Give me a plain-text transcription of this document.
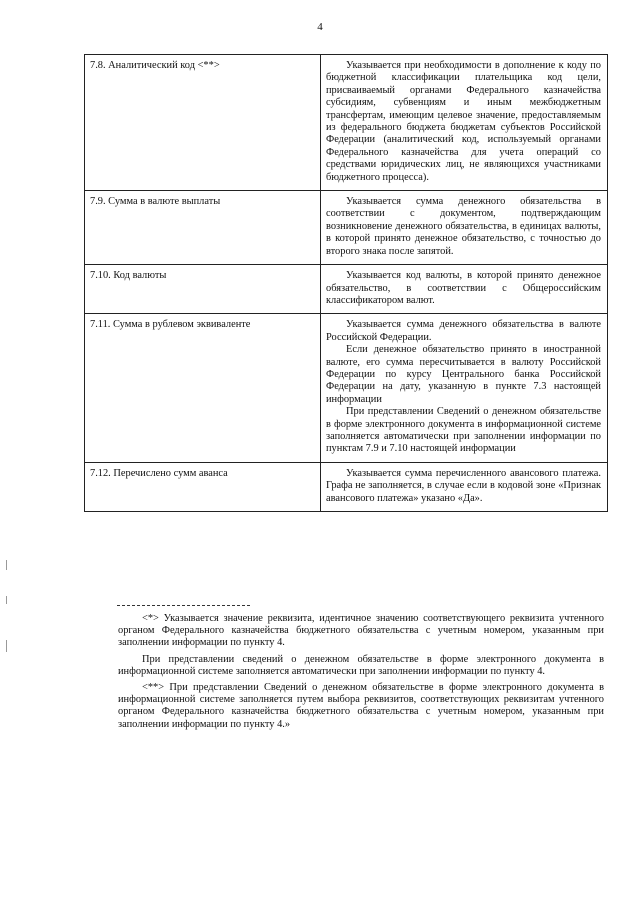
4
7.8. Аналитический код <**>	Указывается при необходимости в дополнение к коду по бюджетной классификации плательщика код цели, присваиваемый органами Федерального казначейства субсидиям, субвенциям и иным межбюджетным трансфертам, имеющим целевое значение, предоставляемым из федерального бюджета бюджетам субъектов Российской Федерации (аналитический код, используемый органами Федерального казначейства для учета операций со средствами юридических лиц, не являющихся участниками бюджетного процесса).

7.9. Сумма в валюте выплаты	Указывается сумма денежного обязательства в соответствии с документом, подтверждающим возникновение денежного обязательства, в единицах валюты, в которой принято денежное обязательство, с точностью до второго знака после запятой.

7.10. Код валюты	Указывается код валюты, в которой принято денежное обязательство, в соответствии с Общероссийским классификатором валют.

7.11. Сумма в рублевом эквиваленте	Указывается сумма денежного обязательства в валюте Российской Федерации.

Если денежное обязательство принято в иностранной валюте, его сумма пересчитывается в валюту Российской Федерации по курсу Центрального банка Российской Федерации на дату, указанную в пункте 7.3 настоящей информации

При представлении Сведений о денежном обязательстве в форме электронного документа в информационной системе заполняется автоматически при заполнении информации по пунктам 7.9 и 7.10 настоящей информации

7.12. Перечислено сумм аванса	Указывается сумма перечисленного авансового платежа. Графа не заполняется, в случае если в кодовой зоне «Признак авансового платежа» указано «Да».

<*> Указывается значение реквизита, идентичное значению соответствующего реквизита учтенного органом Федерального казначейства бюджетного обязательства с учетным номером, указанным при заполнении информации по пункту 4.

При представлении сведений о денежном обязательстве в форме электронного документа в информационной системе заполняется автоматически при заполнении информации по пункту 4.

<**> При представлении Сведений о денежном обязательстве в форме электронного документа в информационной системе заполняется путем выбора реквизитов, соответствующих реквизитам учтенного органом Федерального казначейства бюджетного обязательства с учетным номером, указанным при заполнении информации по пункту 4.»
